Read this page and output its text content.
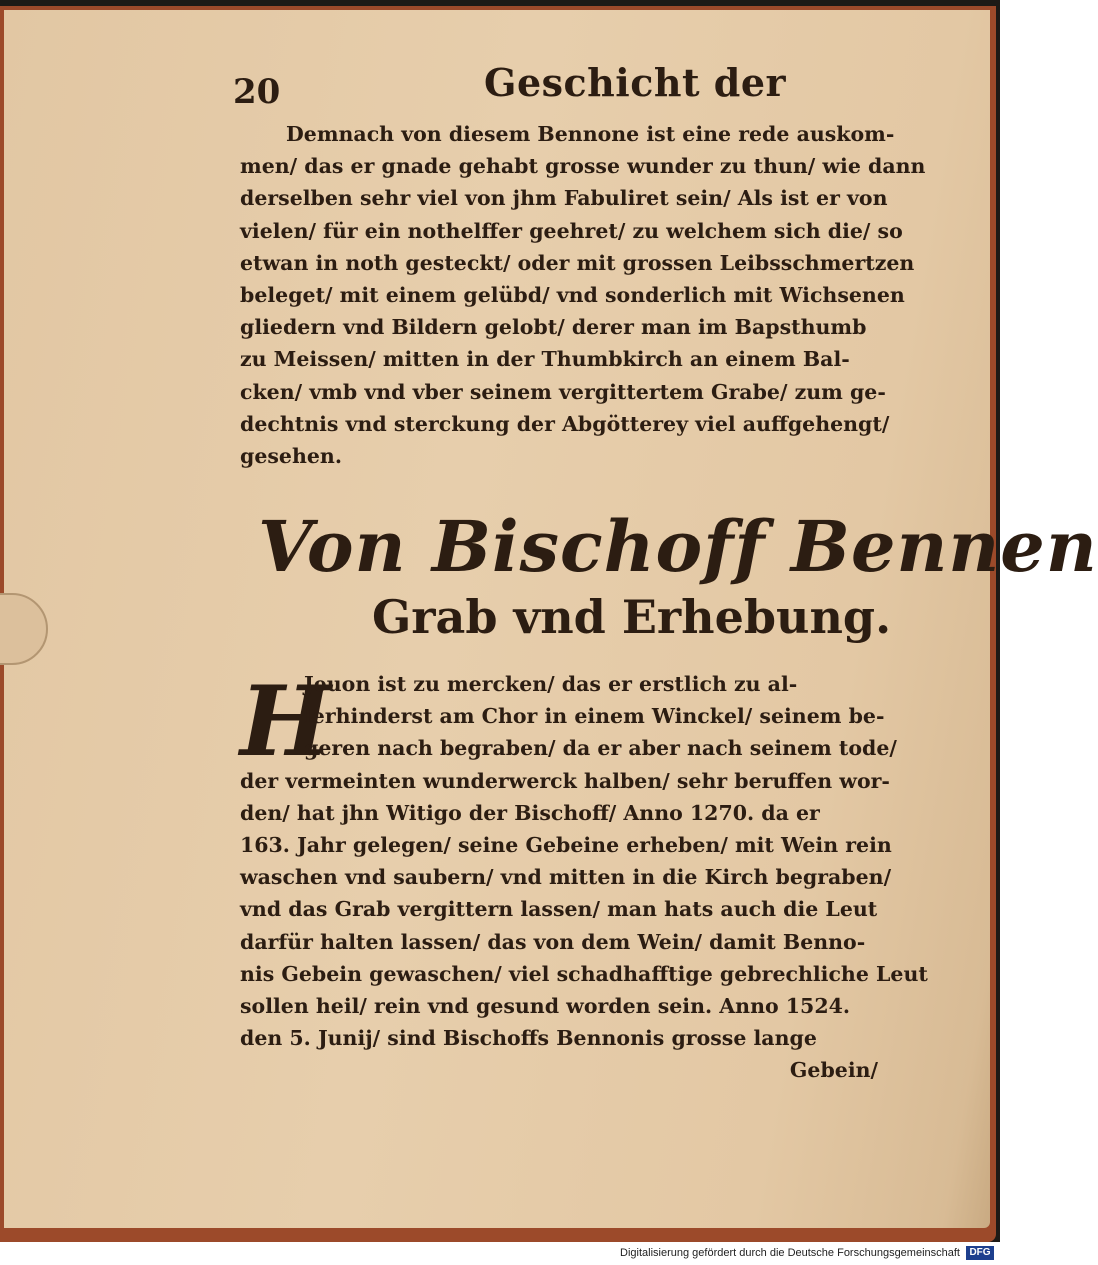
20	Geschicht der
Demnach von diesem Bennone ist eine rede auskom-
men/ das er gnade gehabt grosse wunder zu thun/ wie dann
derselben sehr viel von jhm Fabuliret sein/ Als ist er von
vielen/ für ein nothelffer geehret/ zu welchem sich die/ so
etwan in noth gesteckt/ oder mit grossen Leibsschmertzen
beleget/ mit einem gelübd/ vnd sonderlich mit Wichsenen
gliedern vnd Bildern gelobt/ derer man im Bapsthumb
zu Meissen/ mitten in der Thumbkirch an einem Bal-
cken/ vmb vnd vber seinem vergittertem Grabe/ zum ge-
dechtnis vnd sterckung der Abgötterey viel auffgehengt/
gesehen.
Von Bischoff Bennen
Grab vnd Erhebung.
H
Jeuon ist zu mercken/ das er erstlich zu al-
lerhinderst am Chor in einem Winckel/ seinem be-
geren nach begraben/ da er aber nach seinem tode/
der vermeinten wunderwerck halben/ sehr beruffen wor-
den/ hat jhn Witigo der Bischoff/ Anno 1270. da er
163. Jahr gelegen/ seine Gebeine erheben/ mit Wein rein
waschen vnd saubern/ vnd mitten in die Kirch begraben/
vnd das Grab vergittern lassen/ man hats auch die Leut
darfür halten lassen/ das von dem Wein/ damit Benno-
nis Gebein gewaschen/ viel schadhafftige gebrechliche Leut
sollen heil/ rein vnd gesund worden sein. Anno 1524.
den 5. Junij/ sind Bischoffs Bennonis grosse lange
Gebein/
Digitalisierung gefördert durch die Deutsche Forschungsgemeinschaft DFG
